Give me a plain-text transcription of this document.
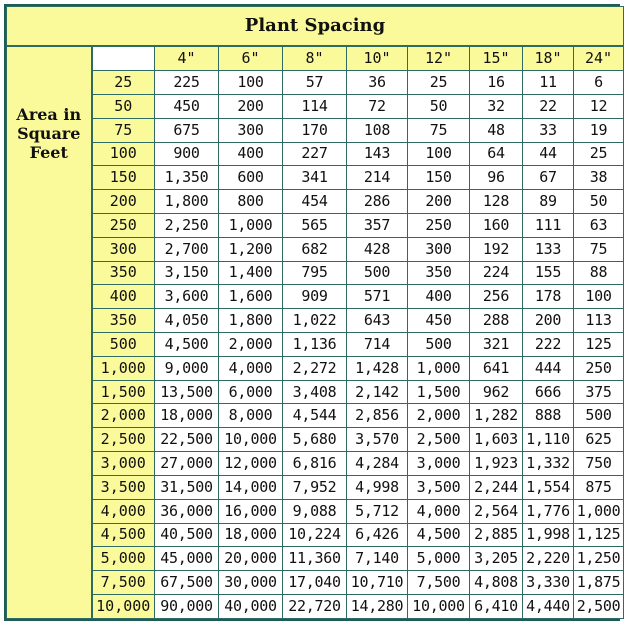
Plant Spacing									
Area in
Square
Feet		4"	6"	8"	10"	12"	15"	18"	24"
	25	225	100	57	36	25	16	11	6
	50	450	200	114	72	50	32	22	12
	75	675	300	170	108	75	48	33	19
	100	900	400	227	143	100	64	44	25
	150	1,350	600	341	214	150	96	67	38
	200	1,800	800	454	286	200	128	89	50
	250	2,250	1,000	565	357	250	160	111	63
	300	2,700	1,200	682	428	300	192	133	75
	350	3,150	1,400	795	500	350	224	155	88
	400	3,600	1,600	909	571	400	256	178	100
	350	4,050	1,800	1,022	643	450	288	200	113
	500	4,500	2,000	1,136	714	500	321	222	125
	1,000	9,000	4,000	2,272	1,428	1,000	641	444	250
	1,500	13,500	6,000	3,408	2,142	1,500	962	666	375
	2,000	18,000	8,000	4,544	2,856	2,000	1,282	888	500
	2,500	22,500	10,000	5,680	3,570	2,500	1,603	1,110	625
	3,000	27,000	12,000	6,816	4,284	3,000	1,923	1,332	750
	3,500	31,500	14,000	7,952	4,998	3,500	2,244	1,554	875
	4,000	36,000	16,000	9,088	5,712	4,000	2,564	1,776	1,000
	4,500	40,500	18,000	10,224	6,426	4,500	2,885	1,998	1,125
	5,000	45,000	20,000	11,360	7,140	5,000	3,205	2,220	1,250
	7,500	67,500	30,000	17,040	10,710	7,500	4,808	3,330	1,875
	10,000	90,000	40,000	22,720	14,280	10,000	6,410	4,440	2,500
